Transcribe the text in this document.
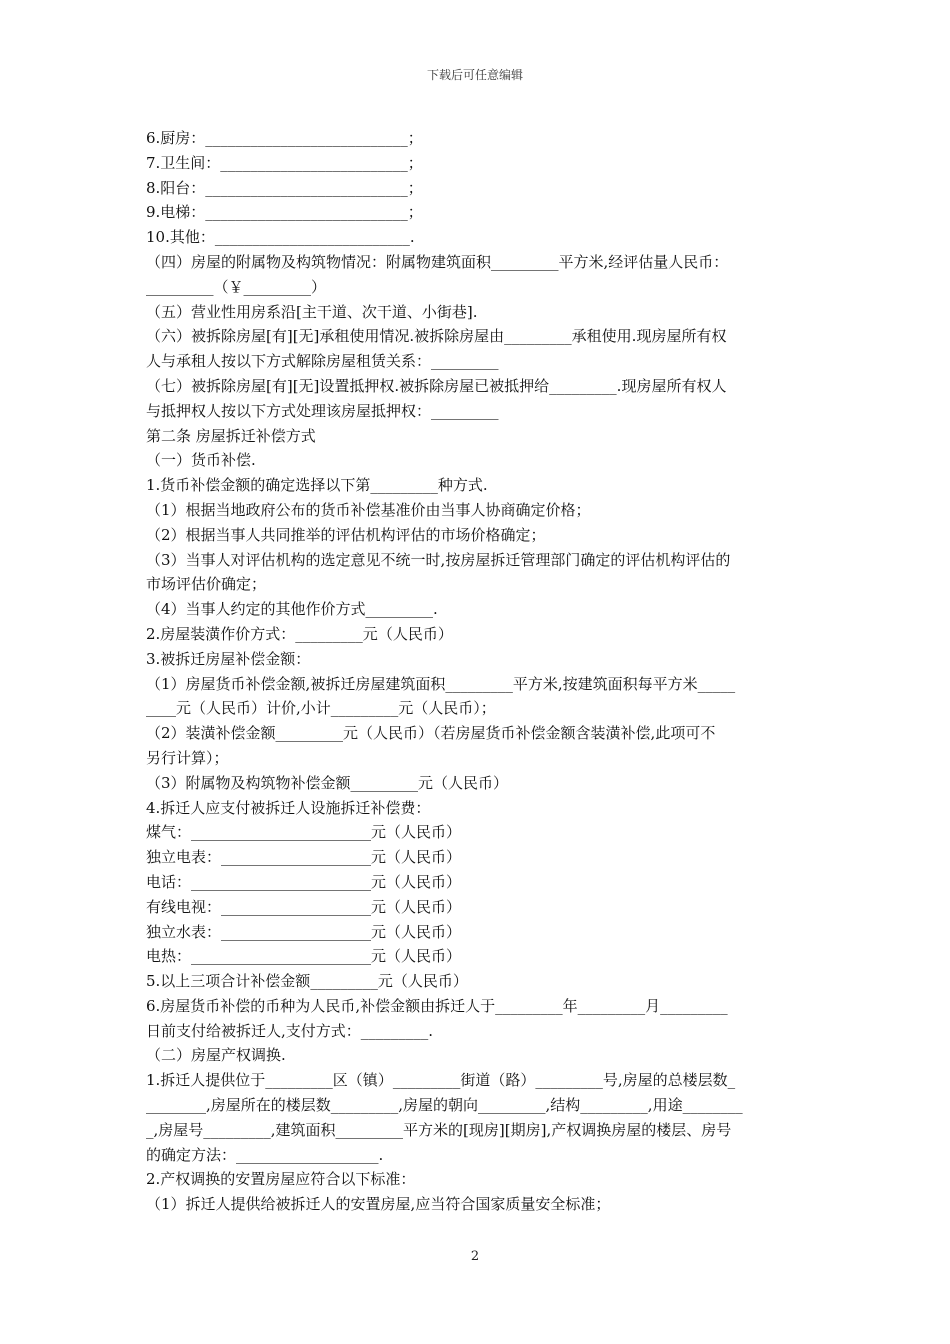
下载后可任意编辑
6.厨房：___________________________；
7.卫生间：_________________________；
8.阳台：___________________________；
9.电梯：___________________________；
10.其他：__________________________.
（四）房屋的附属物及构筑物情况：附属物建筑面积_________平方米,经评估量人民币：
_________（￥_________）
（五）营业性用房系沿[主干道、次干道、小街巷].
（六）被拆除房屋[有][无]承租使用情况.被拆除房屋由_________承租使用.现房屋所有权
人与承租人按以下方式解除房屋租赁关系：_________
（七）被拆除房屋[有][无]设置抵押权.被拆除房屋已被抵押给_________.现房屋所有权人
与抵押权人按以下方式处理该房屋抵押权：_________
第二条 房屋拆迁补偿方式
（一）货币补偿.
1.货币补偿金额的确定选择以下第_________种方式.
（1）根据当地政府公布的货币补偿基准价由当事人协商确定价格；
（2）根据当事人共同推举的评估机构评估的市场价格确定；
（3）当事人对评估机构的选定意见不统一时,按房屋拆迁管理部门确定的评估机构评估的
市场评估价确定；
（4）当事人约定的其他作价方式_________.
2.房屋装潢作价方式：_________元（人民币）
3.被拆迁房屋补偿金额：
（1）房屋货币补偿金额,被拆迁房屋建筑面积_________平方米,按建筑面积每平方米_____
____元（人民币）计价,小计_________元（人民币）；
（2）装潢补偿金额_________元（人民币）（若房屋货币补偿金额含装潢补偿,此项可不
另行计算）；
（3）附属物及构筑物补偿金额_________元（人民币）
4.拆迁人应支付被拆迁人设施拆迁补偿费：
煤气：________________________元（人民币）
独立电表：____________________元（人民币）
电话：________________________元（人民币）
有线电视：____________________元（人民币）
独立水表：____________________元（人民币）
电热：________________________元（人民币）
5.以上三项合计补偿金额_________元（人民币）
6.房屋货币补偿的币种为人民币,补偿金额由拆迁人于_________年_________月_________
日前支付给被拆迁人,支付方式：_________.
（二）房屋产权调换.
1.拆迁人提供位于_________区（镇）_________街道（路）_________号,房屋的总楼层数_
________,房屋所在的楼层数_________,房屋的朝向_________,结构_________,用途________
_,房屋号_________,建筑面积_________平方米的[现房][期房],产权调换房屋的楼层、房号
的确定方法：___________________.
2.产权调换的安置房屋应符合以下标准：
（1）拆迁人提供给被拆迁人的安置房屋,应当符合国家质量安全标准；
2
